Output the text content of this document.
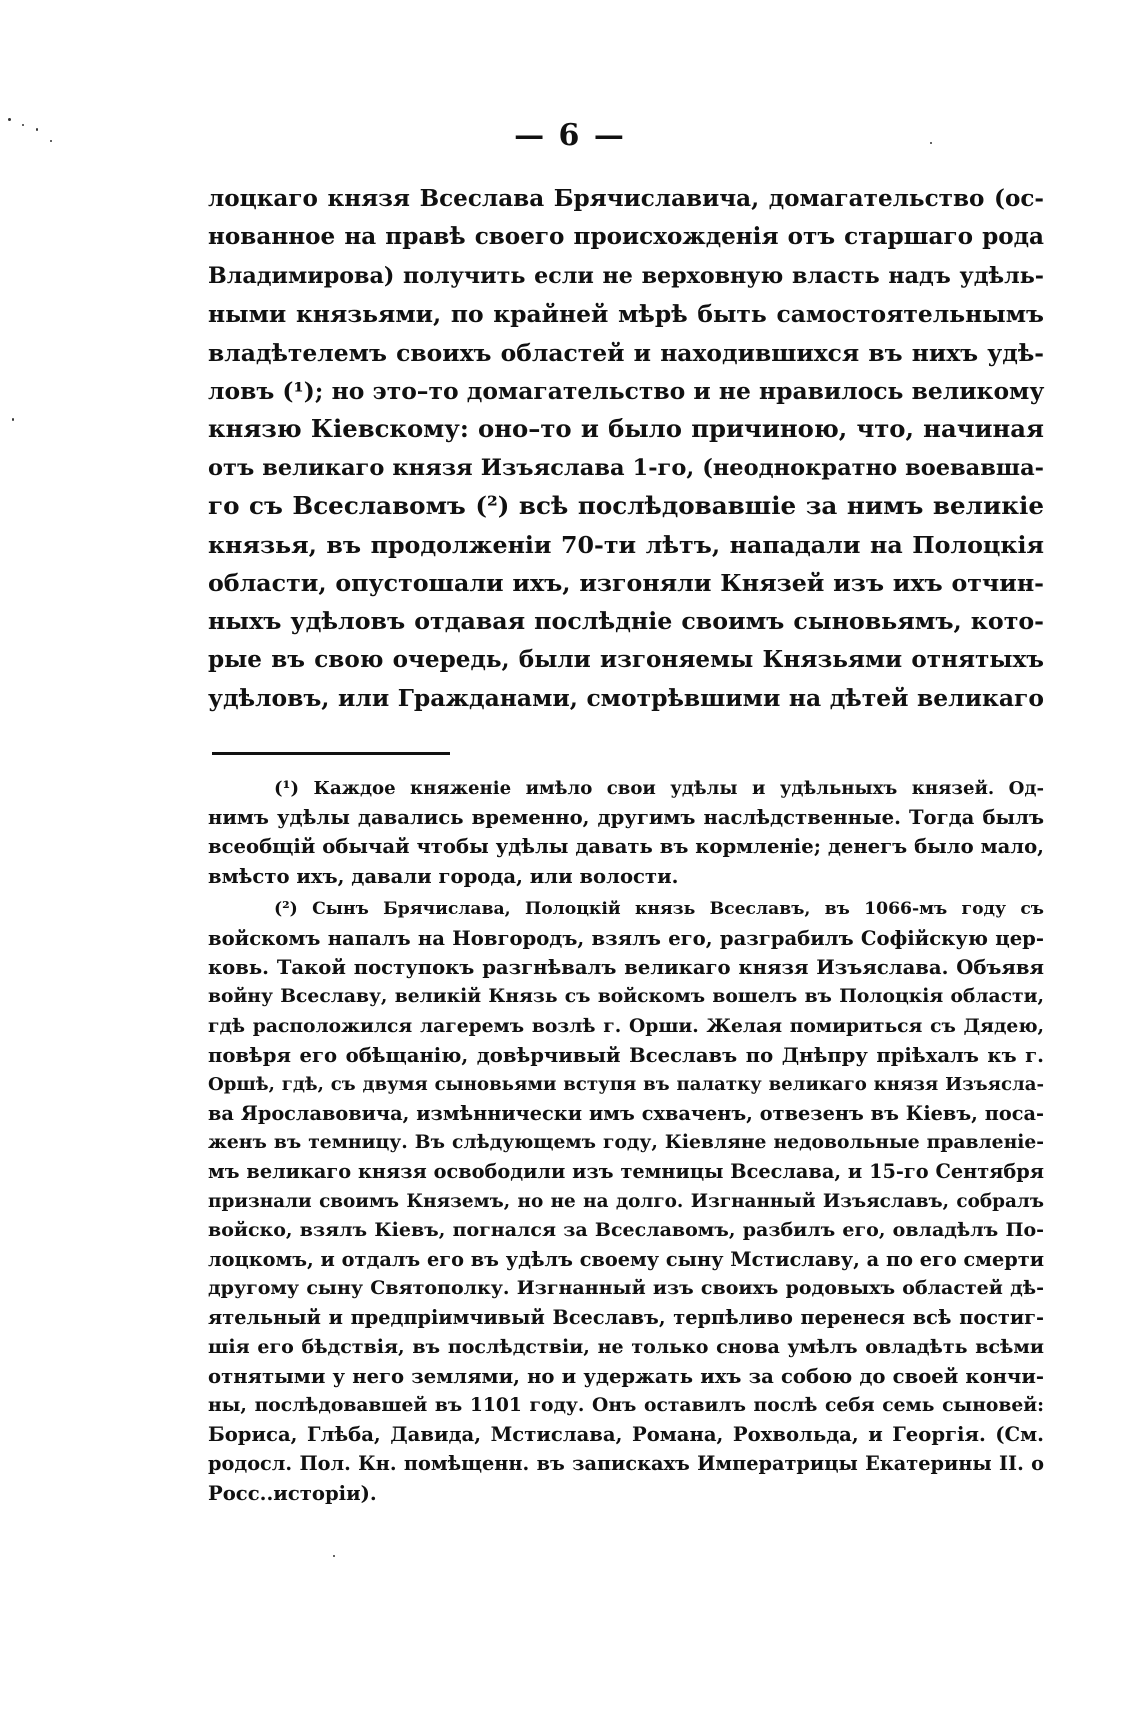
— 6 —
лоцкаго князя Всеслава Брячиславича, домагательство (ос-
нованное на правѣ своего происхожденія отъ старшаго рода
Владимирова) получить если не верховную власть надъ удѣль-
ными князьями, по крайней мѣрѣ быть самостоятельнымъ
владѣтелемъ своихъ областей и находившихся въ нихъ удѣ-
ловъ (¹); но это–то домагательство и не нравилось великому
князю Кіевскому: оно–то и было причиною, что, начиная
отъ великаго князя Изъяслава 1-го, (неоднократно воевавша-
го съ Всеславомъ (²) всѣ послѣдовавшіе за нимъ великіе
князья, въ продолженіи 70-ти лѣтъ, нападали на Полоцкія
области, опустошали ихъ, изгоняли Князей изъ ихъ отчин-
ныхъ удѣловъ отдавая послѣдніе своимъ сыновьямъ, кото-
рые въ свою очередь, были изгоняемы Князьями отнятыхъ
удѣловъ, или Гражданами, смотрѣвшими на дѣтей великаго
(¹) Каждое княженіе имѣло свои удѣлы и удѣльныхъ князей. Од-
нимъ удѣлы давались временно, другимъ наслѣдственные. Тогда былъ
всеобщій обычай чтобы удѣлы давать въ кормленіе; денегъ было мало,
вмѣсто ихъ, давали города, или волости.
(²) Сынъ Брячислава, Полоцкій князь Всеславъ, въ 1066-мъ году съ
войскомъ напалъ на Новгородъ, взялъ его, разграбилъ Софійскую цер-
ковь. Такой поступокъ разгнѣвалъ великаго князя Изъяслава. Объявя
войну Всеславу, великій Князь съ войскомъ вошелъ въ Полоцкія области,
гдѣ расположился лагеремъ возлѣ г. Орши. Желая помириться съ Дядею,
повѣря его обѣщанію, довѣрчивый Всеславъ по Днѣпру пріѣхалъ къ г.
Оршѣ, гдѣ, съ двумя сыновьями вступя въ палатку великаго князя Изъясла-
ва Ярославовича, измѣннически имъ схваченъ, отвезенъ въ Кіевъ, поса-
женъ въ темницу. Въ слѣдующемъ году, Кіевляне недовольные правленіе-
мъ великаго князя освободили изъ темницы Всеслава, и 15-го Сентября
признали своимъ Княземъ, но не на долго. Изгнанный Изъяславъ, собралъ
войско, взялъ Кіевъ, погнался за Всеславомъ, разбилъ его, овладѣлъ По-
лоцкомъ, и отдалъ его въ удѣлъ своему сыну Мстиславу, а по его смерти
другому сыну Святополку. Изгнанный изъ своихъ родовыхъ областей дѣ-
ятельный и предпріимчивый Всеславъ, терпѣливо перенеся всѣ постиг-
шія его бѣдствія, въ послѣдствіи, не только снова умѣлъ овладѣть всѣми
отнятыми у него землями, но и удержать ихъ за собою до своей кончи-
ны, послѣдовавшей въ 1101 году. Онъ оставилъ послѣ себя семь сыновей:
Бориса, Глѣба, Давида, Мстислава, Романа, Рохвольда, и Георгія. (См.
родосл. Пол. Кн. помѣщенн. въ запискахъ Императрицы Екатерины II. о
Росс..исторіи).
